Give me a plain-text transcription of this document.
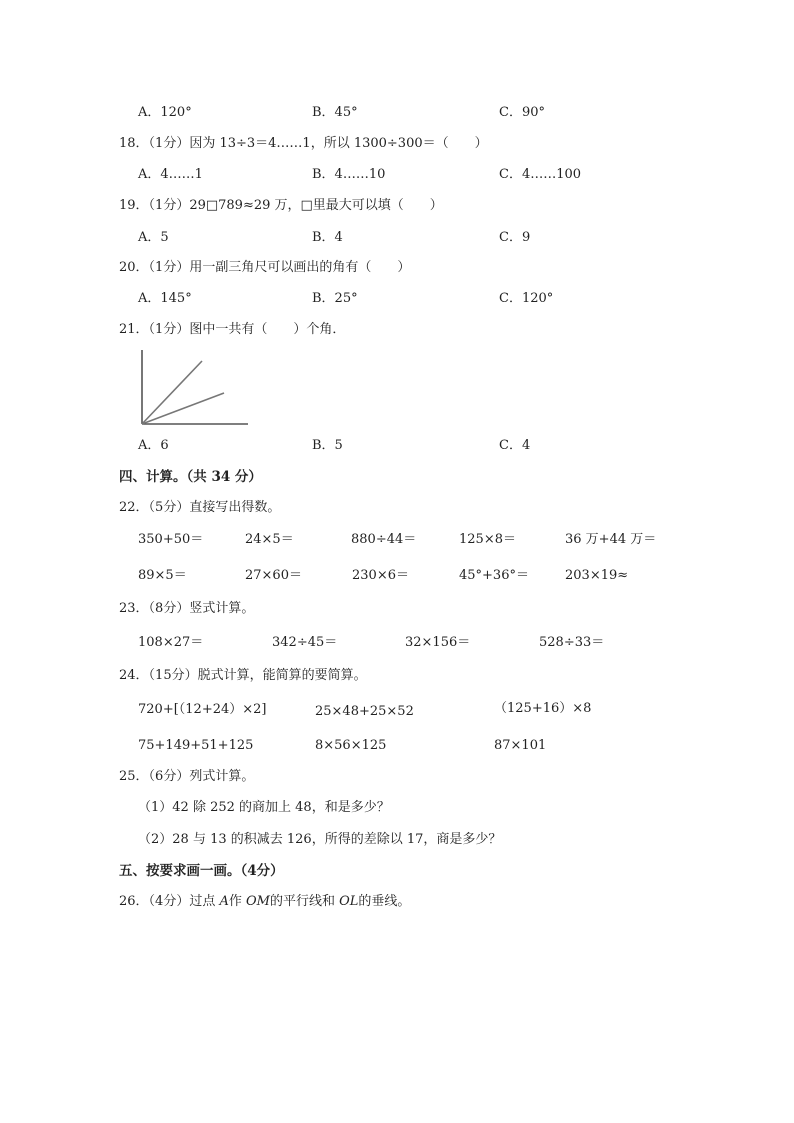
A．120°	B．45°	C．90°
18．（1分）因为 13÷3＝4……1，所以 1300÷300＝（　　）
A．4……1	B．4……10	C．4……100
19．（1分）29□789≈29 万，□里最大可以填（　　）
A．5	B．4	C．9
20．（1分）用一副三角尺可以画出的角有（　　）
A．145°	B．25°	C．120°
21．（1分）图中一共有（　　）个角．
A．6	B．5	C．4
四、计算。（共 34 分）
22．（5分）直接写出得数。
350+50＝	24×5＝	880÷44＝	125×8＝	36 万+44 万＝
89×5＝	27×60＝	230×6＝	45°+36°＝	203×19≈
23．（8分）竖式计算。
108×27＝	342÷45＝	32×156＝	528÷33＝
24．（15分）脱式计算，能简算的要简算。
720+[（12+24）×2]	25×48+25×52	（125+16）×8
75+149+51+125	8×56×125	87×101
25．（6分）列式计算。
（1）42 除 252 的商加上 48，和是多少？
（2）28 与 13 的积减去 126，所得的差除以 17，商是多少？
五、按要求画一画。（4分）
26．（4分）过点 A作 OM的平行线和 OL的垂线。
